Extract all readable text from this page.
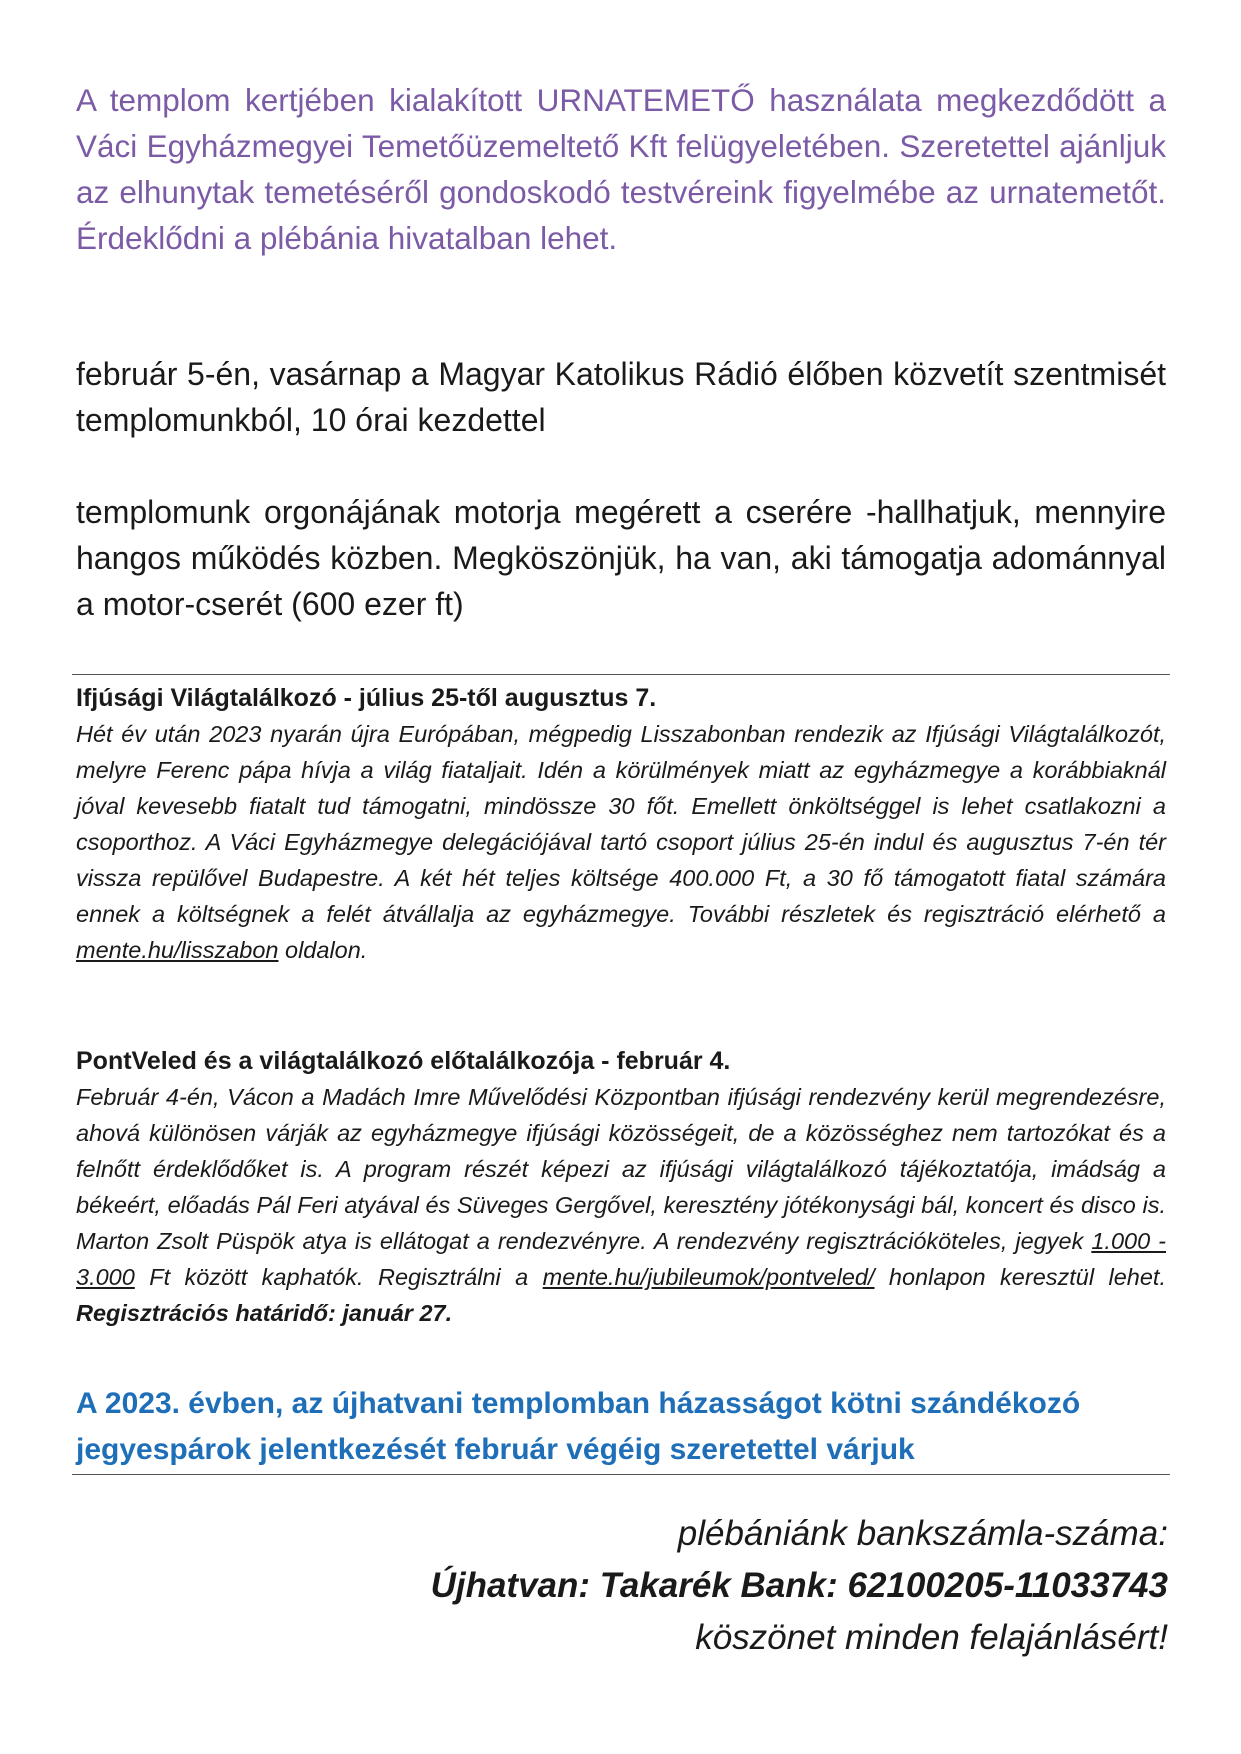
A templom kertjében kialakított URNATEMETŐ használata megkezdődött a Váci Egyházmegyei Temetőüzemeltető Kft felügyeletében. Szeretettel ajánljuk az elhunytak temetéséről gondoskodó testvéreink figyelmébe az urnatemetőt. Érdeklődni a plébánia hivatalban lehet.

február 5-én, vasárnap a Magyar Katolikus Rádió élőben közvetít szentmisét templomunkból, 10 órai kezdettel

templomunk orgonájának motorja megérett a cserére -hallhatjuk, mennyire hangos működés közben. Megköszönjük, ha van, aki támogatja adománnyal a motor-cserét (600 ezer ft)

Ifjúsági Világtalálkozó - július 25-től augusztus 7.
Hét év után 2023 nyarán újra Európában, mégpedig Lisszabonban rendezik az Ifjúsági Világtalálkozót, melyre Ferenc pápa hívja a világ fiataljait. Idén a körülmények miatt az egyházmegye a korábbiaknál jóval kevesebb fiatalt tud támogatni, mindössze 30 főt. Emellett önköltséggel is lehet csatlakozni a csoporthoz. A Váci Egyházmegye delegációjával tartó csoport július 25-én indul és augusztus 7-én tér vissza repülővel Budapestre. A két hét teljes költsége 400.000 Ft, a 30 fő támogatott fiatal számára ennek a költségnek a felét átvállalja az egyházmegye. További részletek és regisztráció elérhető a mente.hu/lisszabon oldalon.
PontVeled és a világtalálkozó előtalálkozója - február 4.
Február 4-én, Vácon a Madách Imre Művelődési Központban ifjúsági rendezvény kerül megrendezésre, ahová különösen várják az egyházmegye ifjúsági közösségeit, de a közösséghez nem tartozókat és a felnőtt érdeklődőket is. A program részét képezi az ifjúsági világtalálkozó tájékoztatója, imádság a békeért, előadás Pál Feri atyával és Süveges Gergővel, keresztény jótékonysági bál, koncert és disco is. Marton Zsolt Püspök atya is ellátogat a rendezvényre. A rendezvény regisztrációköteles, jegyek 1.000 - 3.000 Ft között kaphatók. Regisztrálni a mente.hu/jubileumok/pontveled/ honlapon keresztül lehet. Regisztrációs határidő: január 27.

A 2023. évben, az újhatvani templomban házasságot kötni szándékozó jegyespárok jelentkezését február végéig szeretettel várjuk

plébániánk bankszámla-száma:
Újhatvan: Takarék Bank: 62100205-11033743
köszönet minden felajánlásért!
